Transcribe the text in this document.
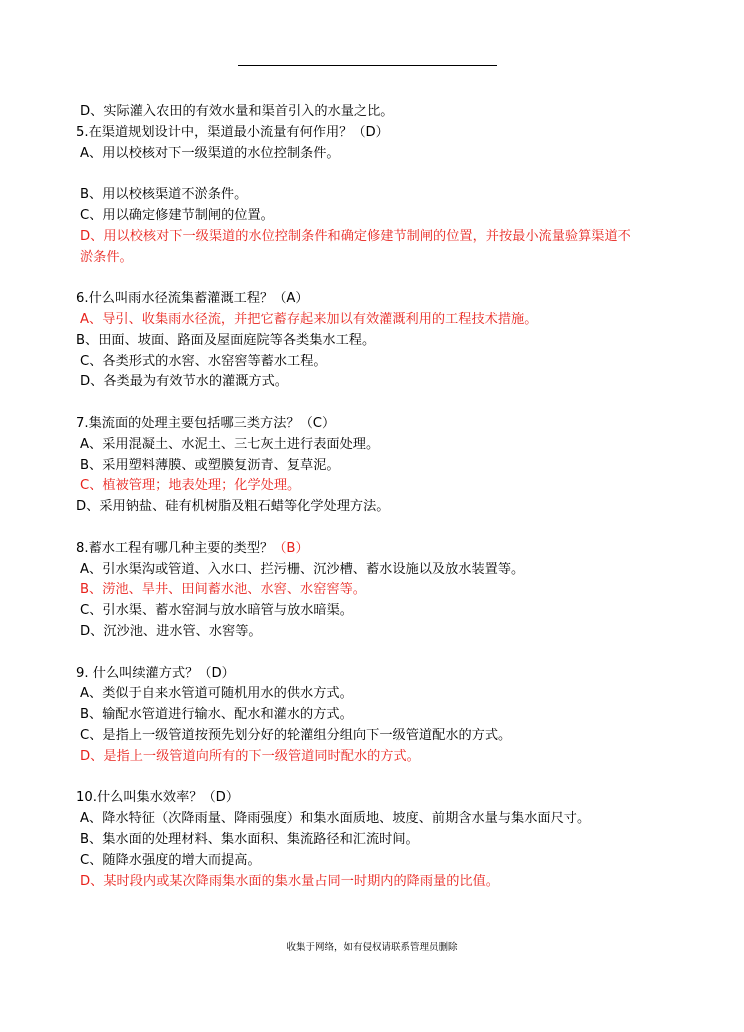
D、实际灌入农田的有效水量和渠首引入的水量之比。
5.在渠道规划设计中，渠道最小流量有何作用？（D）
A、用以校核对下一级渠道的水位控制条件。
B、用以校核渠道不淤条件。
C、用以确定修建节制闸的位置。
D、用以校核对下一级渠道的水位控制条件和确定修建节制闸的位置，并按最小流量验算渠道不
淤条件。
6.什么叫雨水径流集蓄灌溉工程？（A）
A、导引、收集雨水径流，并把它蓄存起来加以有效灌溉利用的工程技术措施。
B、田面、坡面、路面及屋面庭院等各类集水工程。
C、各类形式的水窖、水窑窖等蓄水工程。
D、各类最为有效节水的灌溉方式。
7.集流面的处理主要包括哪三类方法？（C）
A、采用混凝土、水泥土、三七灰土进行表面处理。
B、采用塑料薄膜、或塑膜复沥青、复草泥。
C、植被管理；地表处理；化学处理。
D、采用钠盐、硅有机树脂及粗石蜡等化学处理方法。
8.蓄水工程有哪几种主要的类型？（B）
A、引水渠沟或管道、入水口、拦污栅、沉沙槽、蓄水设施以及放水装置等。
B、涝池、旱井、田间蓄水池、水窖、水窑窖等。
C、引水渠、蓄水窑洞与放水暗管与放水暗渠。
D、沉沙池、进水管、水窖等。
9. 什么叫续灌方式？（D）
A、类似于自来水管道可随机用水的供水方式。
B、输配水管道进行输水、配水和灌水的方式。
C、是指上一级管道按预先划分好的轮灌组分组向下一级管道配水的方式。
D、是指上一级管道向所有的下一级管道同时配水的方式。
10.什么叫集水效率？（D）
A、降水特征（次降雨量、降雨强度）和集水面质地、坡度、前期含水量与集水面尺寸。
B、集水面的处理材料、集水面积、集流路径和汇流时间。
C、随降水强度的增大而提高。
D、某时段内或某次降雨集水面的集水量占同一时期内的降雨量的比值。
收集于网络，如有侵权请联系管理员删除
